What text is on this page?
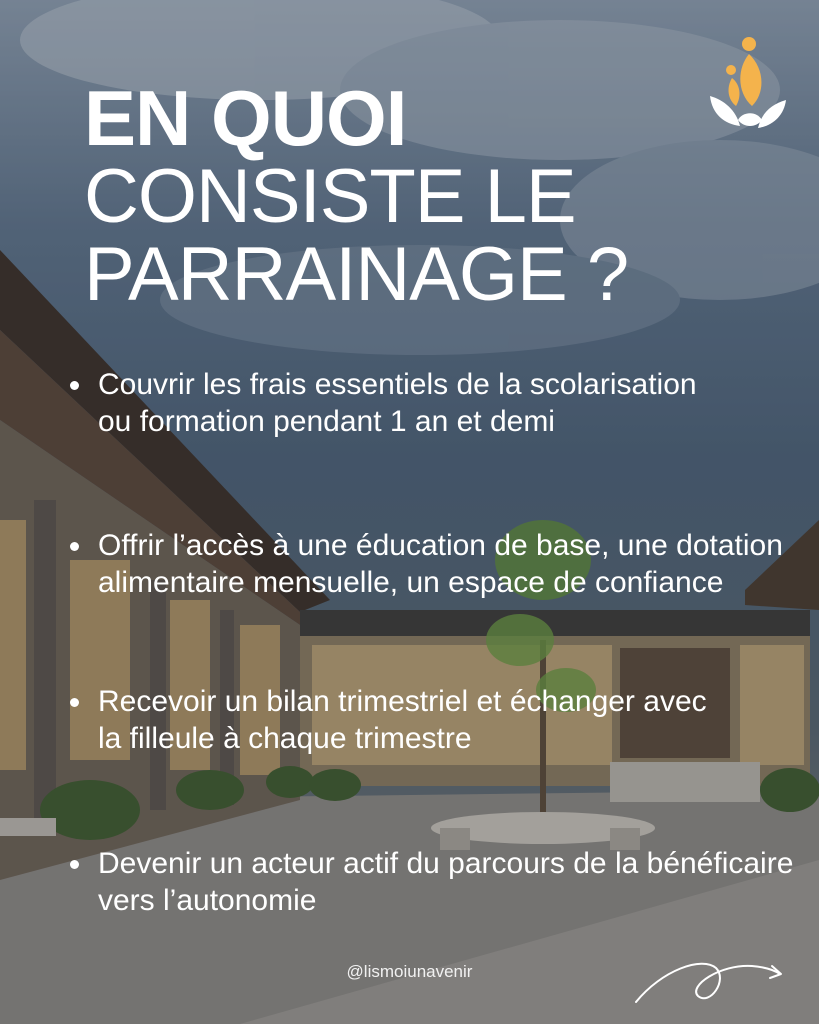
EN QUOI
CONSISTE LE
PARRAINAGE ?
Couvrir les frais essentiels de la scolarisation ou formation pendant 1 an et demi
Offrir l’accès à une éducation de base, une dotation alimentaire mensuelle, un espace de confiance
Recevoir un bilan trimestriel et échanger avec la filleule à chaque trimestre
Devenir un acteur actif du parcours de la bénéficaire vers l’autonomie
@lismoiunavenir
